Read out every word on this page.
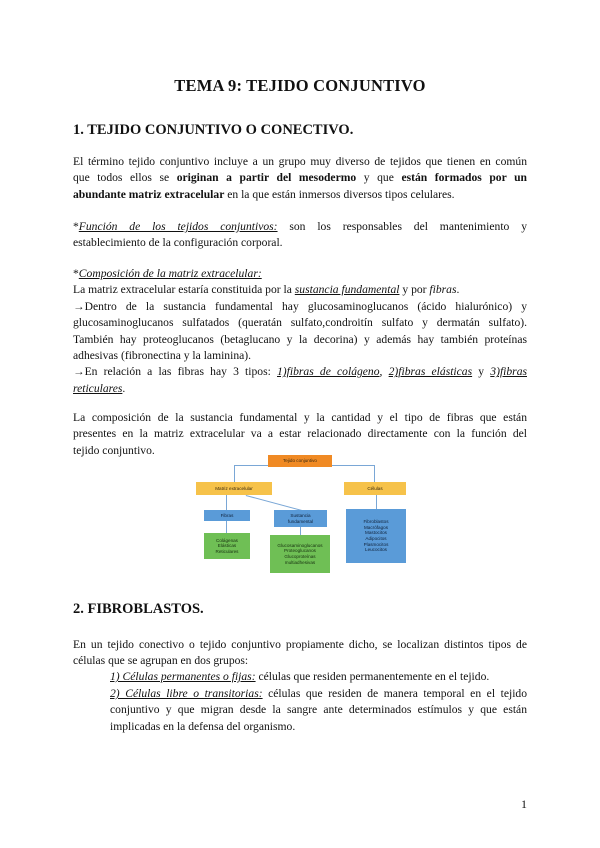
TEMA 9: TEJIDO CONJUNTIVO
1. TEJIDO CONJUNTIVO O CONECTIVO.
El término tejido conjuntivo incluye a un grupo muy diverso de tejidos que tienen en común
que todos ellos se originan a partir del mesodermo y que están formados por un
abundante matriz extracelular en la que están inmersos diversos tipos celulares.
*Función de los tejidos conjuntivos: son los responsables del mantenimiento y
establecimiento de la configuración corporal.
*Composición de la matriz extracelular:
La matriz extracelular estaría constituida por la sustancia fundamental y por fibras.
→Dentro de la sustancia fundamental hay glucosaminoglucanos (ácido hialurónico) y
glucosaminoglucanos sulfatados (queratán sulfato,condroitín sulfato y dermatán sulfato).
También hay proteoglucanos (betaglucano y la decorina) y además hay también proteínas
adhesivas (fibronectina y la laminina).
→En relación a las fibras hay 3 tipos: 1)fibras de colágeno, 2)fibras elásticas y 3)fibras
reticulares.
La composición de la sustancia fundamental y la cantidad y el tipo de fibras que están
presentes en la matriz extracelular va a estar relacionado directamente con la función del
tejido conjuntivo.
Tejido conjuntivo
Matriz extracelular	Células
Fibras	Sustancia
fundamental
Colágenas
Elásticas
Reticulares
Glucosaminoglucanos
Proteoglucanos
Glucoproteínas
multiadhesivas
Fibroblastos
Macrófagos
Mastocitos
Adipocitos
Plasmocitos
Leucocitos
2. FIBROBLASTOS.
En un tejido conectivo o tejido conjuntivo propiamente dicho, se localizan distintos tipos de
células que se agrupan en dos grupos:
1) Células permanentes o fijas: células que residen permanentemente en el tejido.
2) Células libre o transitorias: células que residen de manera temporal en el tejido
conjuntivo y que migran desde la sangre ante determinados estímulos y que están
implicadas en la defensa del organismo.
1
